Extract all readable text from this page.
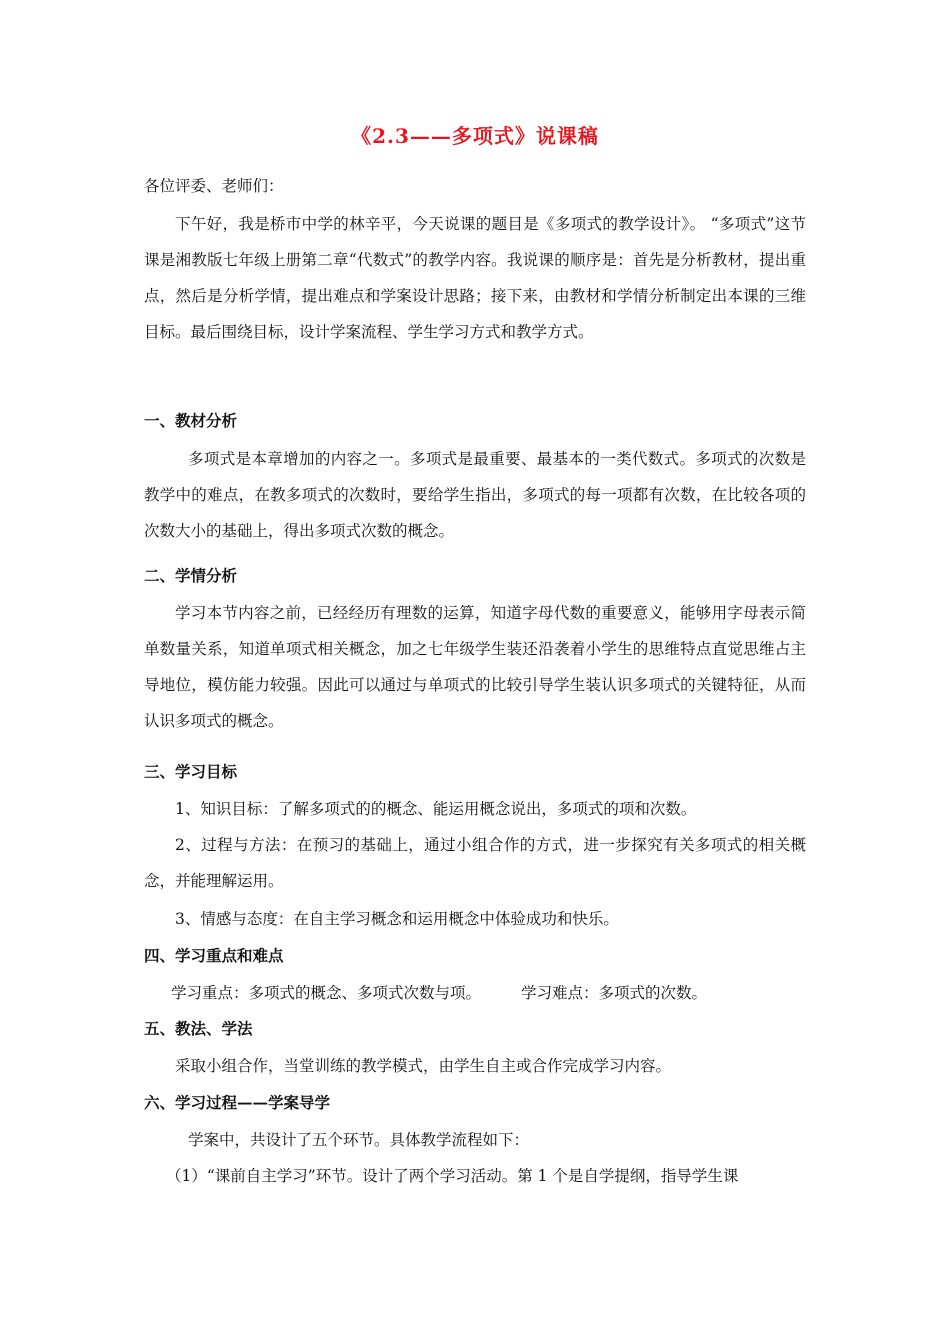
《2.3——多项式》说课稿
各位评委、老师们：
下午好，我是桥市中学的林辛平，今天说课的题目是《多项式的教学设计》。 “多项式”这节课是湘教版七年级上册第二章“代数式”的教学内容。我说课的顺序是：首先是分析教材，提出重点，然后是分析学情，提出难点和学案设计思路；接下来，由教材和学情分析制定出本课的三维目标。最后围绕目标，设计学案流程、学生学习方式和教学方式。
一、教材分析
多项式是本章增加的内容之一。多项式是最重要、最基本的一类代数式。多项式的次数是教学中的难点，在教多项式的次数时，要给学生指出，多项式的每一项都有次数，在比较各项的次数大小的基础上，得出多项式次数的概念。
二、学情分析
学习本节内容之前，已经经历有理数的运算，知道字母代数的重要意义，能够用字母表示简单数量关系，知道单项式相关概念，加之七年级学生装还沿袭着小学生的思维特点直觉思维占主导地位，模仿能力较强。因此可以通过与单项式的比较引导学生装认识多项式的关键特征，从而认识多项式的概念。
三、学习目标
1、知识目标：了解多项式的的概念、能运用概念说出，多项式的项和次数。
2、过程与方法：在预习的基础上，通过小组合作的方式，进一步探究有关多项式的相关概念，并能理解运用。
3、情感与态度：在自主学习概念和运用概念中体验成功和快乐。
四、学习重点和难点
学习重点：多项式的概念、多项式次数与项。	学习难点：多项式的次数。
五、教法、学法
采取小组合作，当堂训练的教学模式，由学生自主或合作完成学习内容。
六、学习过程——学案导学
学案中，共设计了五个环节。具体教学流程如下：
（1）“课前自主学习”环节。设计了两个学习活动。第 1 个是自学提纲，指导学生课
